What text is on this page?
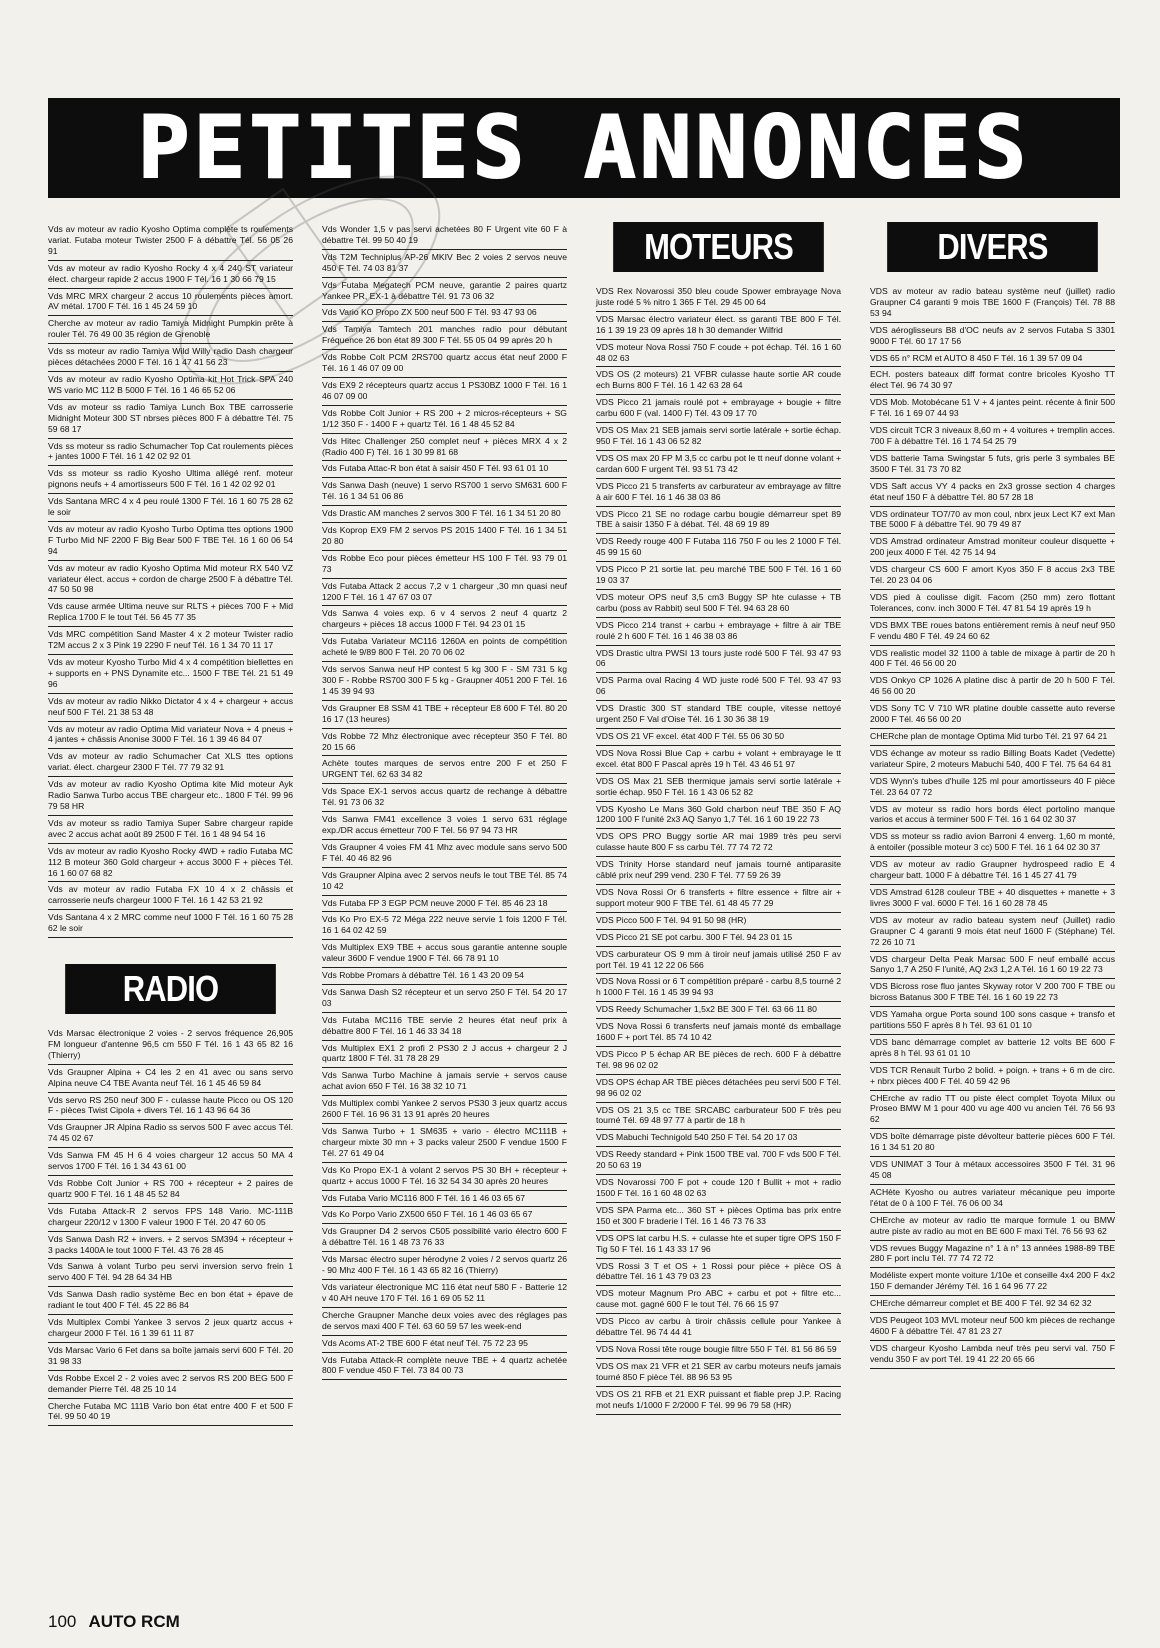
PETITES ANNONCES

Vds av moteur av radio Kyosho Optima complète ts roulements variat. Futaba moteur Twister 2500 F à débattre Tél. 56 05 26 91

Vds av moteur av radio Kyosho Rocky 4 x 4 240 ST variateur élect. chargeur rapide 2 accus 1900 F Tél. 16 1 30 66 79 15

Vds MRC MRX chargeur 2 accus 10 roulements pièces amort. AV métal. 1700 F Tél. 16 1 45 24 59 10

Cherche av moteur av radio Tamiya Midnight Pumpkin prête à rouler Tél. 76 49 00 35 région de Grenoble

Vds ss moteur av radio Tamiya Wild Willy radio Dash chargeur pièces détachées 2000 F Tél. 16 1 47 41 56 23

Vds av moteur av radio Kyosho Optima kit Hot Trick SPA 240 WS vario MC 112 B 5000 F Tél. 16 1 46 65 52 06

Vds av moteur ss radio Tamiya Lunch Box TBE carrosserie Midnight Moteur 300 ST nbrses pièces 800 F à débattre Tél. 75 59 68 17

Vds ss moteur ss radio Schumacher Top Cat roulements pièces + jantes 1000 F Tél. 16 1 42 02 92 01

Vds ss moteur ss radio Kyosho Ultima allégé renf. moteur pignons neufs + 4 amortisseurs 500 F Tél. 16 1 42 02 92 01

Vds Santana MRC 4 x 4 peu roulé 1300 F Tél. 16 1 60 75 28 62 le soir

Vds av moteur av radio Kyosho Turbo Optima ttes options 1900 F Turbo Mid NF 2200 F Big Bear 500 F TBE Tél. 16 1 60 06 54 94

Vds av moteur av radio Kyosho Optima Mid moteur RX 540 VZ variateur élect. accus + cordon de charge 2500 F à débattre Tél. 47 50 50 98

Vds cause armée Ultima neuve sur RLTS + pièces 700 F + Mid Replica 1700 F le tout Tél. 56 45 77 35

Vds MRC compétition Sand Master 4 x 2 moteur Twister radio T2M accus 2 x 3 Pink 19 2290 F neuf Tél. 16 1 34 70 11 17

Vds av moteur Kyosho Turbo Mid 4 x 4 compétition biellettes en + supports en + PNS Dynamite etc... 1500 F TBE Tél. 21 51 49 96

Vds av moteur av radio Nikko Dictator 4 x 4 + chargeur + accus neuf 500 F Tél. 21 38 53 48

Vds av moteur av radio Optima Mid variateur Nova + 4 pneus + 4 jantes + châssis Anonise 3000 F Tél. 16 1 39 46 84 07

Vds av moteur av radio Schumacher Cat XLS ttes options variat. élect. chargeur 2300 F Tél. 77 79 32 91

Vds av moteur av radio Kyosho Optima kite Mid moteur Ayk Radio Sanwa Turbo accus TBE chargeur etc.. 1800 F Tél. 99 96 79 58 HR

Vds av moteur ss radio Tamiya Super Sabre chargeur rapide avec 2 accus achat août 89 2500 F Tél. 16 1 48 94 54 16

Vds av moteur av radio Kyosho Rocky 4WD + radio Futaba MC 112 B moteur 360 Gold chargeur + accus 3000 F + pièces Tél. 16 1 60 07 68 82

Vds av moteur av radio Futaba FX 10 4 x 2 châssis et carrosserie neufs chargeur 1000 F Tél. 16 1 42 53 21 92

Vds Santana 4 x 2 MRC comme neuf 1000 F Tél. 16 1 60 75 28 62 le soir

RADIO

Vds Marsac électronique 2 voies - 2 servos fréquence 26,905 FM longueur d'antenne 96,5 cm 550 F Tél. 16 1 43 65 82 16 (Thierry)

Vds Graupner Alpina + C4 les 2 en 41 avec ou sans servo Alpina neuve C4 TBE Avanta neuf Tél. 16 1 45 46 59 84

Vds servo RS 250 neuf 300 F - culasse haute Picco ou OS 120 F - pièces Twist Cipola + divers Tél. 16 1 43 96 64 36

Vds Graupner JR Alpina Radio ss servos 500 F avec accus Tél. 74 45 02 67

Vds Sanwa FM 45 H 6 4 voies chargeur 12 accus 50 MA 4 servos 1700 F Tél. 16 1 34 43 61 00

Vds Robbe Colt Junior + RS 700 + récepteur + 2 paires de quartz 900 F Tél. 16 1 48 45 52 84

Vds Futaba Attack-R 2 servos FPS 148 Vario. MC-111B chargeur 220/12 v 1300 F valeur 1900 F Tél. 20 47 60 05

Vds Sanwa Dash R2 + invers. + 2 servos SM394 + récepteur + 3 packs 1400A le tout 1000 F Tél. 43 76 28 45

Vds Sanwa à volant Turbo peu servi inversion servo frein 1 servo 400 F Tél. 94 28 64 34 HB

Vds Sanwa Dash radio système Bec en bon état + épave de radiant le tout 400 F Tél. 45 22 86 84

Vds Multiplex Combi Yankee 3 servos 2 jeux quartz accus + chargeur 2000 F Tél. 16 1 39 61 11 87

Vds Marsac Vario 6 Fet dans sa boîte jamais servi 600 F Tél. 20 31 98 33

Vds Robbe Excel 2 - 2 voies avec 2 servos RS 200 BEG 500 F demander Pierre Tél. 48 25 10 14

Cherche Futaba MC 111B Vario bon état entre 400 F et 500 F Tél. 99 50 40 19

Vds Wonder 1,5 v pas servi achetées 80 F Urgent vite 60 F à débattre Tél. 99 50 40 19

Vds T2M Techniplus AP-26 MKIV Bec 2 voies 2 servos neuve 450 F Tél. 74 03 81 37

Vds Futaba Megatech PCM neuve, garantie 2 paires quartz Yankee PR, EX-1 à débattre Tél. 91 73 06 32

Vds Vario KO Propo ZX 500 neuf 500 F Tél. 93 47 93 06

Vds Tamiya Tamtech 201 manches radio pour débutant Fréquence 26 bon état 89 300 F Tél. 55 05 04 99 après 20 h

Vds Robbe Colt PCM 2RS700 quartz accus état neuf 2000 F Tél. 16 1 46 07 09 00

Vds EX9 2 récepteurs quartz accus 1 PS30BZ 1000 F Tél. 16 1 46 07 09 00

Vds Robbe Colt Junior + RS 200 + 2 micros-récepteurs + SG 1/12 350 F - 1400 F + quartz Tél. 16 1 48 45 52 84

Vds Hitec Challenger 250 complet neuf + pièces MRX 4 x 2 (Radio 400 F) Tél. 16 1 30 99 81 68

Vds Futaba Attac-R bon état à saisir 450 F Tél. 93 61 01 10

Vds Sanwa Dash (neuve) 1 servo RS700 1 servo SM631 600 F Tél. 16 1 34 51 06 86

Vds Drastic AM manches 2 servos 300 F Tél. 16 1 34 51 20 80

Vds Koprop EX9 FM 2 servos PS 2015 1400 F Tél. 16 1 34 51 20 80

Vds Robbe Eco pour pièces émetteur HS 100 F Tél. 93 79 01 73

Vds Futaba Attack 2 accus 7,2 v 1 chargeur ,30 mn quasi neuf 1200 F Tél. 16 1 47 67 03 07

Vds Sanwa 4 voies exp. 6 v 4 servos 2 neuf 4 quartz 2 chargeurs + pièces 18 accus 1000 F Tél. 94 23 01 15

Vds Futaba Variateur MC116 1260A en points de compétition acheté le 9/89 800 F Tél. 20 70 06 02

Vds servos Sanwa neuf HP contest 5 kg 300 F - SM 731 5 kg 300 F - Robbe RS700 300 F 5 kg - Graupner 4051 200 F Tél. 16 1 45 39 94 93

Vds Graupner E8 SSM 41 TBE + récepteur E8 600 F Tél. 80 20 16 17 (13 heures)

Vds Robbe 72 Mhz électronique avec récepteur 350 F Tél. 80 20 15 66

Achète toutes marques de servos entre 200 F et 250 F URGENT Tél. 62 63 34 82

Vds Space EX-1 servos accus quartz de rechange à débattre Tél. 91 73 06 32

Vds Sanwa FM41 excellence 3 voies 1 servo 631 réglage exp./DR accus émetteur 700 F Tél. 56 97 94 73 HR

Vds Graupner 4 voies FM 41 Mhz avec module sans servo 500 F Tél. 40 46 82 96

Vds Graupner Alpina avec 2 servos neufs le tout TBE Tél. 85 74 10 42

Vds Futaba FP 3 EGP PCM neuve 2000 F Tél. 85 46 23 18

Vds Ko Pro EX-5 72 Méga 222 neuve servie 1 fois 1200 F Tél. 16 1 64 02 42 59

Vds Multiplex EX9 TBE + accus sous garantie antenne souple valeur 3600 F vendue 1900 F Tél. 66 78 91 10

Vds Robbe Promars à débattre Tél. 16 1 43 20 09 54

Vds Sanwa Dash S2 récepteur et un servo 250 F Tél. 54 20 17 03

Vds Futaba MC116 TBE servie 2 heures état neuf prix à débattre 800 F Tél. 16 1 46 33 34 18

Vds Multiplex EX1 2 profi 2 PS30 2 J accus + chargeur 2 J quartz 1800 F Tél. 31 78 28 29

Vds Sanwa Turbo Machine à jamais servie + servos cause achat avion 650 F Tél. 16 38 32 10 71

Vds Multiplex combi Yankee 2 servos PS30 3 jeux quartz accus 2600 F Tél. 16 96 31 13 91 après 20 heures

Vds Sanwa Turbo + 1 SM635 + vario - électro MC111B + chargeur mixte 30 mn + 3 packs valeur 2500 F vendue 1500 F Tél. 27 61 49 04

Vds Ko Propo EX-1 à volant 2 servos PS 30 BH + récepteur + quartz + accus 1000 F Tél. 16 32 54 34 30 après 20 heures

Vds Futaba Vario MC116 800 F Tél. 16 1 46 03 65 67

Vds Ko Porpo Vario ZX500 650 F Tél. 16 1 46 03 65 67

Vds Graupner D4 2 servos C505 possibilité vario électro 600 F à débattre Tél. 16 1 48 73 76 33

Vds Marsac électro super hérodyne 2 voies / 2 servos quartz 26 - 90 Mhz 400 F Tél. 16 1 43 65 82 16 (Thierry)

Vds variateur électronique MC 116 état neuf 580 F - Batterie 12 v 40 AH neuve 170 F Tél. 16 1 69 05 52 11

Cherche Graupner Manche deux voies avec des réglages pas de servos maxi 400 F Tél. 63 60 59 57 les week-end

Vds Acoms AT-2 TBE 600 F état neuf Tél. 75 72 23 95

Vds Futaba Attack-R complète neuve TBE + 4 quartz achetée 800 F vendue 450 F Tél. 73 84 00 73

MOTEURS

VDS Rex Novarossi 350 bleu coude Spower embrayage Nova juste rodé 5 % nitro 1 365 F Tél. 29 45 00 64

VDS Marsac électro variateur élect. ss garanti TBE 800 F Tél. 16 1 39 19 23 09 après 18 h 30 demander Wilfrid

VDS moteur Nova Rossi 750 F coude + pot échap. Tél. 16 1 60 48 02 63

VDS OS (2 moteurs) 21 VFBR culasse haute sortie AR coude ech Burns 800 F Tél. 16 1 42 63 28 64

VDS Picco 21 jamais roulé pot + embrayage + bougie + filtre carbu 600 F (val. 1400 F) Tél. 43 09 17 70

VDS OS Max 21 SEB jamais servi sortie latérale + sortie échap. 950 F Tél. 16 1 43 06 52 82

VDS OS max 20 FP M 3,5 cc carbu pot le tt neuf donne volant + cardan 600 F urgent Tél. 93 51 73 42

VDS Picco 21 5 transferts av carburateur av embrayage av filtre à air 600 F Tél. 16 1 46 38 03 86

VDS Picco 21 SE no rodage carbu bougie démarreur spet 89 TBE à saisir 1350 F à débat. Tél. 48 69 19 89

VDS Reedy rouge 400 F Futaba 116 750 F ou les 2 1000 F Tél. 45 99 15 60

VDS Picco P 21 sortie lat. peu marché TBE 500 F Tél. 16 1 60 19 03 37

VDS moteur OPS neuf 3,5 cm3 Buggy SP hte culasse + TB carbu (poss av Rabbit) seul 500 F Tél. 94 63 28 60

VDS Picco 214 transt + carbu + embrayage + filtre à air TBE roulé 2 h 600 F Tél. 16 1 46 38 03 86

VDS Drastic ultra PWSI 13 tours juste rodé 500 F Tél. 93 47 93 06

VDS Parma oval Racing 4 WD juste rodé 500 F Tél. 93 47 93 06

VDS Drastic 300 ST standard TBE couple, vitesse nettoyé urgent 250 F Val d'Oise Tél. 16 1 30 36 38 19

VDS OS 21 VF excel. état 400 F Tél. 55 06 30 50

VDS Nova Rossi Blue Cap + carbu + volant + embrayage le tt excel. état 800 F Pascal après 19 h Tél. 43 46 51 97

VDS OS Max 21 SEB thermique jamais servi sortie latérale + sortie échap. 950 F Tél. 16 1 43 06 52 82

VDS Kyosho Le Mans 360 Gold charbon neuf TBE 350 F AQ 1200 100 F l'unité 2x3 AQ Sanyo 1,7 Tél. 16 1 60 19 22 73

VDS OPS PRO Buggy sortie AR mai 1989 très peu servi culasse haute 800 F ss carbu Tél. 77 74 72 72

VDS Trinity Horse standard neuf jamais tourné antiparasite câblé prix neuf 299 vend. 230 F Tél. 77 59 26 39

VDS Nova Rossi Or 6 transferts + filtre essence + filtre air + support moteur 900 F TBE Tél. 61 48 45 77 29

VDS Picco 500 F Tél. 94 91 50 98 (HR)

VDS Picco 21 SE pot carbu. 300 F Tél. 94 23 01 15

VDS carburateur OS 9 mm à tiroir neuf jamais utilisé 250 F av port Tél. 19 41 12 22 06 566

VDS Nova Rossi or 6 T compétition préparé - carbu 8,5 tourné 2 h 1000 F Tél. 16 1 45 39 94 93

VDS Reedy Schumacher 1,5x2 BE 300 F Tél. 63 66 11 80

VDS Nova Rossi 6 transferts neuf jamais monté ds emballage 1600 F + port Tél. 85 74 10 42

VDS Picco P 5 échap AR BE pièces de rech. 600 F à débattre Tél. 98 96 02 02

VDS OPS échap AR TBE pièces détachées peu servi 500 F Tél. 98 96 02 02

VDS OS 21 3,5 cc TBE SRCABC carburateur 500 F très peu tourné Tél. 69 48 97 77 à partir de 18 h

VDS Mabuchi Technigold 540 250 F Tél. 54 20 17 03

VDS Reedy standard + Pink 1500 TBE val. 700 F vds 500 F Tél. 20 50 63 19

VDS Novarossi 700 F pot + coude 120 f Bullit + mot + radio 1500 F Tél. 16 1 60 48 02 63

VDS SPA Parma etc... 360 ST + pièces Optima bas prix entre 150 et 300 F braderie l Tél. 16 1 46 73 76 33

VDS OPS lat carbu H.S. + culasse hte et super tigre OPS 150 F Tig 50 F Tél. 16 1 43 33 17 96

VDS Rossi 3 T et OS + 1 Rossi pour pièce + pièce OS à débattre Tél. 16 1 43 79 03 23

VDS moteur Magnum Pro ABC + carbu et pot + filtre etc... cause mot. gagné 600 F le tout Tél. 76 66 15 97

VDS Picco av carbu à tiroir châssis cellule pour Yankee à débattre Tél. 96 74 44 41

VDS Nova Rossi tête rouge bougie filtre 550 F Tél. 81 56 86 59

VDS OS max 21 VFR et 21 SER av carbu moteurs neufs jamais tourné 850 F pièce Tél. 88 96 53 95

VDS OS 21 RFB et 21 EXR puissant et fiable prep J.P. Racing mot neufs 1/1000 F 2/2000 F Tél. 99 96 79 58 (HR)

DIVERS

VDS av moteur av radio bateau système neuf (juillet) radio Graupner C4 garanti 9 mois TBE 1600 F (François) Tél. 78 88 53 94

VDS aéroglisseurs B8 d'OC neufs av 2 servos Futaba S 3301 9000 F Tél. 60 17 17 56

VDS 65 n° RCM et AUTO 8 450 F Tél. 16 1 39 57 09 04

ECH. posters bateaux diff format contre bricoles Kyosho TT élect Tél. 96 74 30 97

VDS Mob. Motobécane 51 V + 4 jantes peint. récente à finir 500 F Tél. 16 1 69 07 44 93

VDS circuit TCR 3 niveaux 8,60 m + 4 voitures + tremplin acces. 700 F à débattre Tél. 16 1 74 54 25 79

VDS batterie Tama Swingstar 5 futs, gris perle 3 symbales BE 3500 F Tél. 31 73 70 82

VDS Saft accus VY 4 packs en 2x3 grosse section 4 charges état neuf 150 F à débattre Tél. 80 57 28 18

VDS ordinateur TO7/70 av mon coul, nbrx jeux Lect K7 ext Man TBE 5000 F à débattre Tél. 90 79 49 87

VDS Amstrad ordinateur Amstrad moniteur couleur disquette + 200 jeux 4000 F Tél. 42 75 14 94

VDS chargeur CS 600 F amort Kyos 350 F 8 accus 2x3 TBE Tél. 20 23 04 06

VDS pied à coulisse digit. Facom (250 mm) zero flottant Tolerances, conv. inch 3000 F Tél. 47 81 54 19 après 19 h

VDS BMX TBE roues batons entièrement remis à neuf neuf 950 F vendu 480 F Tél. 49 24 60 62

VDS realistic model 32 1100 à table de mixage à partir de 20 h 400 F Tél. 46 56 00 20

VDS Onkyo CP 1026 A platine disc à partir de 20 h 500 F Tél. 46 56 00 20

VDS Sony TC V 710 WR platine double cassette auto reverse 2000 F Tél. 46 56 00 20

CHERche plan de montage Optima Mid turbo Tél. 21 97 64 21

VDS échange av moteur ss radio Billing Boats Kadet (Vedette) variateur Spire, 2 moteurs Mabuchi 540, 400 F Tél. 75 64 64 81

VDS Wynn's tubes d'huile 125 ml pour amortisseurs 40 F pièce Tél. 23 64 07 72

VDS av moteur ss radio hors bords élect portolino manque varios et accus à terminer 500 F Tél. 16 1 64 02 30 37

VDS ss moteur ss radio avion Barroni 4 enverg. 1,60 m monté, à entoiler (possible moteur 3 cc) 500 F Tél. 16 1 64 02 30 37

VDS av moteur av radio Graupner hydrospeed radio E 4 chargeur batt. 1000 F à débattre Tél. 16 1 45 27 41 79

VDS Amstrad 6128 couleur TBE + 40 disquettes + manette + 3 livres 3000 F val. 6000 F Tél. 16 1 60 28 78 45

VDS av moteur av radio bateau system neuf (Juillet) radio Graupner C 4 garanti 9 mois état neuf 1600 F (Stéphane) Tél. 72 26 10 71

VDS chargeur Delta Peak Marsac 500 F neuf emballé accus Sanyo 1,7 A 250 F l'unité, AQ 2x3 1,2 A Tél. 16 1 60 19 22 73

VDS Bicross rose fluo jantes Skyway rotor V 200 700 F TBE ou bicross Batanus 300 F TBE Tél. 16 1 60 19 22 73

VDS Yamaha orgue Porta sound 100 sons casque + transfo et partitions 550 F après 8 h Tél. 93 61 01 10

VDS banc démarrage complet av batterie 12 volts BE 600 F après 8 h Tél. 93 61 01 10

VDS TCR Renault Turbo 2 bolid. + poign. + trans + 6 m de circ. + nbrx pièces 400 F Tél. 40 59 42 96

CHErche av radio TT ou piste élect complet Toyota Milux ou Proseo BMW M 1 pour 400 vu age 400 vu ancien Tél. 76 56 93 62

VDS boîte démarrage piste dévolteur batterie pièces 600 F Tél. 16 1 34 51 20 80

VDS UNIMAT 3 Tour à métaux accessoires 3500 F Tél. 31 96 45 08

ACHète Kyosho ou autres variateur mécanique peu importe l'état de 0 à 100 F Tél. 76 06 00 34

CHErche av moteur av radio tte marque formule 1 ou BMW autre piste av radio au mot en BE 600 F maxi Tél. 76 56 93 62

VDS revues Buggy Magazine n° 1 à n° 13 années 1988-89 TBE 280 F port inclu Tél. 77 74 72 72

Modéliste expert monte voiture 1/10e et conseille 4x4 200 F 4x2 150 F demander Jérémy Tél. 16 1 64 96 77 22

CHErche démarreur complet et BE 400 F Tél. 92 34 62 32

VDS Peugeot 103 MVL moteur neuf 500 km pièces de rechange 4600 F à débattre Tél. 47 81 23 27

VDS chargeur Kyosho Lambda neuf très peu servi val. 750 F vendu 350 F av port Tél. 19 41 22 20 65 66

100 AUTO RCM
